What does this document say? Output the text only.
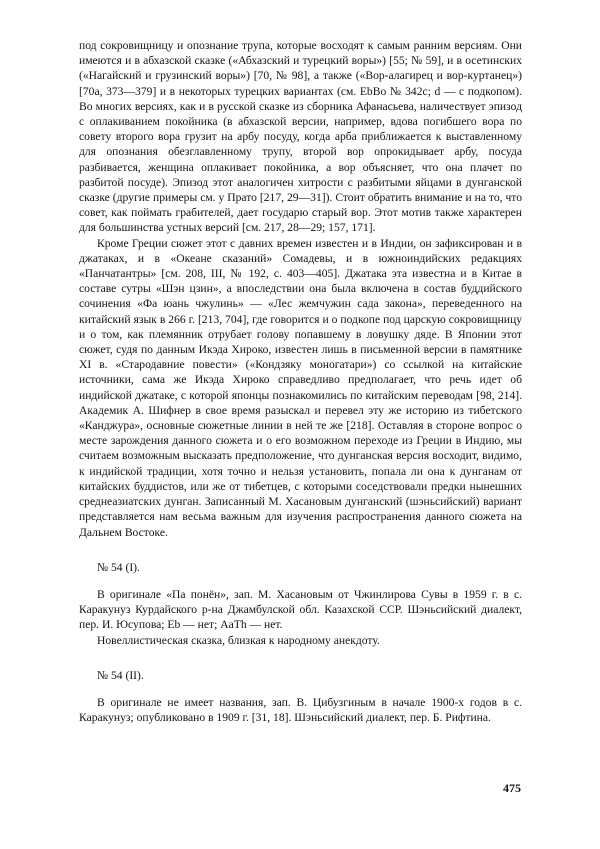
под сокровищницу и опознание трупа, которые восходят к самым ранним версиям. Они имеются и в абхазской сказке («Абхазский и турецкий воры») [55; № 59], и в осетинских («Нагайский и грузинский воры») [70, № 98], а также («Вор-алагирец и вор-куртанец») [70а, 373—379] и в некоторых турецких вариантах (см. EbBo № 342с; d — с подкопом). Во многих версиях, как и в русской сказке из сборника Афанасьева, наличествует эпизод с оплакиванием покойника (в абхазской версии, например, вдова погибшего вора по совету второго вора грузит на арбу посуду, когда арба приближается к выставленному для опознания обезглавленному трупу, второй вор опрокидывает арбу, посуда разбивается, женщина оплакивает покойника, а вор объясняет, что она плачет по разбитой посуде). Эпизод этот аналогичен хитрости с разбитыми яйцами в дунганской сказке (другие примеры см. у Прато [217, 29—31]). Стоит обратить внимание и на то, что совет, как поймать грабителей, дает государю старый вор. Этот мотив также характерен для большинства устных версий [см. 217, 28—29; 157, 171].

Кроме Греции сюжет этот с давних времен известен и в Индии, он зафиксирован и в джатаках, и в «Океане сказаний» Сомадевы, и в южноиндийских редакциях «Панчатантры» [см. 208, III, № 192, с. 403—405]. Джатака эта известна и в Китае в составе сутры «Шэн цзин», а впоследствии она была включена в состав буддийского сочинения «Фа юань чжулинь» — «Лес жемчужин сада закона», переведенного на китайский язык в 266 г. [213, 704], где говорится и о подкопе под царскую сокровищницу и о том, как племянник отрубает голову попавшему в ловушку дяде. В Японии этот сюжет, судя по данным Икэда Хироко, известен лишь в письменной версии в памятнике XI в. «Стародавние повести» («Кондзяку моногатари») со ссылкой на китайские источники, сама же Икэда Хироко справедливо предполагает, что речь идет об индийской джатаке, с которой японцы познакомились по китайским переводам [98, 214]. Академик А. Шифнер в свое время разыскал и перевел эту же историю из тибетского «Канджура», основные сюжетные линии в ней те же [218]. Оставляя в стороне вопрос о месте зарождения данного сюжета и о его возможном переходе из Греции в Индию, мы считаем возможным высказать предположение, что дунганская версия восходит, видимо, к индийской традиции, хотя точно и нельзя установить, попала ли она к дунганам от китайских буддистов, или же от тибетцев, с которыми соседствовали предки нынешних среднеазиатских дунган. Записанный М. Хасановым дунганский (шэньсийский) вариант представляется нам весьма важным для изучения распространения данного сюжета на Дальнем Востоке.

№ 54 (I).

В оригинале «Па понён», зап. М. Хасановым от Чжинлирова Сувы в 1959 г. в с. Каракунуз Курдайского р-на Джамбулской обл. Казахской ССР. Шэньсийский диалект, пер. И. Юсупова; Eb — нет; AaTh — нет.

Новеллистическая сказка, близкая к народному анекдоту.

№ 54 (II).

В оригинале не имеет названия, зап. В. Цибузгиным в начале 1900-х годов в с. Каракунуз; опубликовано в 1909 г. [31, 18]. Шэньсийский диалект, пер. Б. Рифтина.

475
